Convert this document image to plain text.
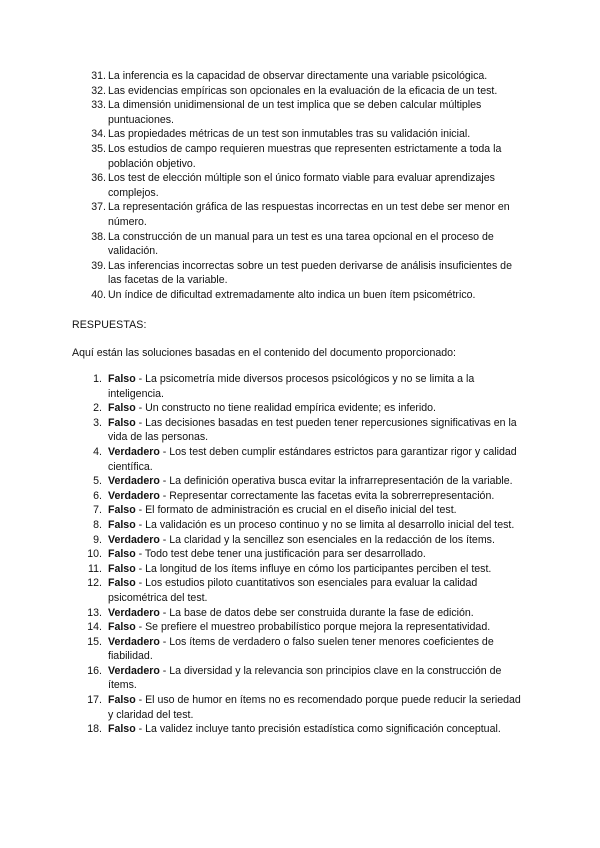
31. La inferencia es la capacidad de observar directamente una variable psicológica.
32. Las evidencias empíricas son opcionales en la evaluación de la eficacia de un test.
33. La dimensión unidimensional de un test implica que se deben calcular múltiples puntuaciones.
34. Las propiedades métricas de un test son inmutables tras su validación inicial.
35. Los estudios de campo requieren muestras que representen estrictamente a toda la población objetivo.
36. Los test de elección múltiple son el único formato viable para evaluar aprendizajes complejos.
37. La representación gráfica de las respuestas incorrectas en un test debe ser menor en número.
38. La construcción de un manual para un test es una tarea opcional en el proceso de validación.
39. Las inferencias incorrectas sobre un test pueden derivarse de análisis insuficientes de las facetas de la variable.
40. Un índice de dificultad extremadamente alto indica un buen ítem psicométrico.
RESPUESTAS:
Aquí están las soluciones basadas en el contenido del documento proporcionado:
1. Falso - La psicometría mide diversos procesos psicológicos y no se limita a la inteligencia.
2. Falso - Un constructo no tiene realidad empírica evidente; es inferido.
3. Falso - Las decisiones basadas en test pueden tener repercusiones significativas en la vida de las personas.
4. Verdadero - Los test deben cumplir estándares estrictos para garantizar rigor y calidad científica.
5. Verdadero - La definición operativa busca evitar la infrarrepresentación de la variable.
6. Verdadero - Representar correctamente las facetas evita la sobrerrepresentación.
7. Falso - El formato de administración es crucial en el diseño inicial del test.
8. Falso - La validación es un proceso continuo y no se limita al desarrollo inicial del test.
9. Verdadero - La claridad y la sencillez son esenciales en la redacción de los ítems.
10. Falso - Todo test debe tener una justificación para ser desarrollado.
11. Falso - La longitud de los ítems influye en cómo los participantes perciben el test.
12. Falso - Los estudios piloto cuantitativos son esenciales para evaluar la calidad psicométrica del test.
13. Verdadero - La base de datos debe ser construida durante la fase de edición.
14. Falso - Se prefiere el muestreo probabilístico porque mejora la representatividad.
15. Verdadero - Los ítems de verdadero o falso suelen tener menores coeficientes de fiabilidad.
16. Verdadero - La diversidad y la relevancia son principios clave en la construcción de ítems.
17. Falso - El uso de humor en ítems no es recomendado porque puede reducir la seriedad y claridad del test.
18. Falso - La validez incluye tanto precisión estadística como significación conceptual.
